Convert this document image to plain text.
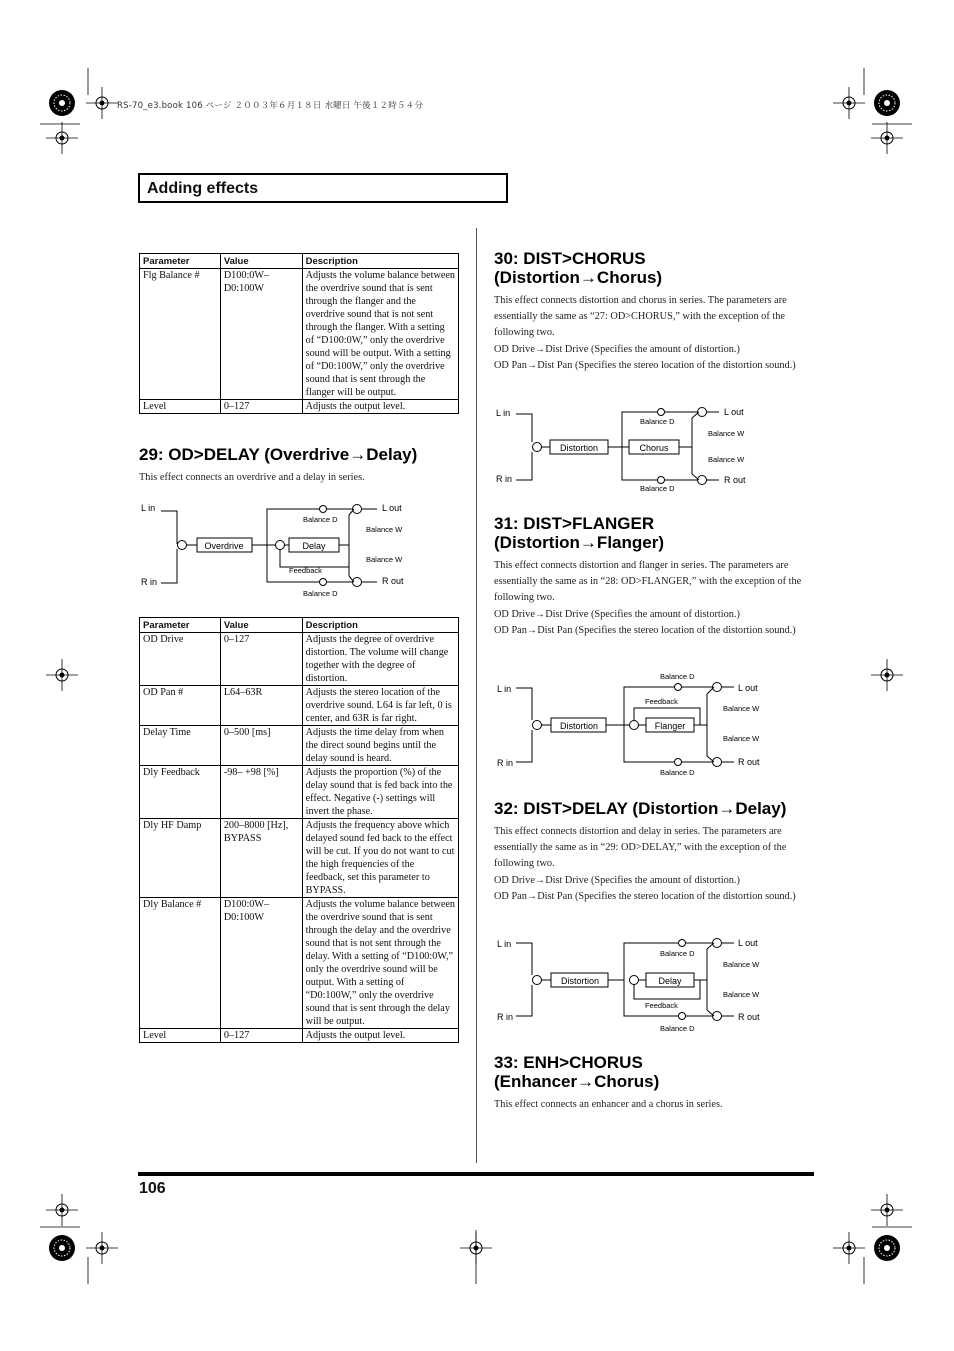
RS-70_e3.book 106 ページ ２００３年６月１８日 水曜日 午後１２時５４分
Adding effects
Parameter	Value	Description
Flg Balance #	D100:0W– D0:100W	Adjusts the volume balance between the overdrive sound that is sent through the flanger and the overdrive sound that is not sent through the flanger. With a setting of “D100:0W,” only the overdrive sound will be output. With a setting of “D0:100W,” only the overdrive sound that is sent through the flanger will be output.
Level	0–127	Adjusts the output level.
29: OD>DELAY (Overdrive→Delay)
This effect connects an overdrive and a delay in series.
L in
R in
L out
R out
Overdrive	Delay
Feedback
Balance D
Balance W
Balance W
Balance D
Parameter	Value	Description
OD Drive	0–127	Adjusts the degree of overdrive distortion. The volume will change together with the degree of distortion.
OD Pan #	L64–63R	Adjusts the stereo location of the overdrive sound. L64 is far left, 0 is center, and 63R is far right.
Delay Time	0–500 [ms]	Adjusts the time delay from when the direct sound begins until the delay sound is heard.
Dly Feedback	-98– +98 [%]	Adjusts the proportion (%) of the delay sound that is fed back into the effect. Negative (-) settings will invert the phase.
Dly HF Damp	200–8000 [Hz], BYPASS	Adjusts the frequency above which delayed sound fed back to the effect will be cut. If you do not want to cut the high frequencies of the feedback, set this parameter to BYPASS.
Dly Balance #	D100:0W– D0:100W	Adjusts the volume balance between the overdrive sound that is sent through the delay and the overdrive sound that is not sent through the delay. With a setting of “D100:0W,” only the overdrive sound will be output. With a setting of “D0:100W,” only the overdrive sound that is sent through the delay will be output.
Level	0–127	Adjusts the output level.
30: DIST>CHORUS
(Distortion→Chorus)

This effect connects distortion and chorus in series. The parameters are essentially the same as “27: OD>CHORUS,” with the exception of the following two.

OD Drive→Dist Drive (Specifies the amount of distortion.)

OD Pan→Dist Pan (Specifies the stereo location of the distortion sound.)

L in
R in
L out
R out
Distortion	Chorus
Balance D
Balance W
Balance W
Balance D
31: DIST>FLANGER
(Distortion→Flanger)

This effect connects distortion and flanger in series. The parameters are essentially the same as in “28: OD>FLANGER,” with the exception of the following two.

OD Drive→Dist Drive (Specifies the amount of distortion.)

OD Pan→Dist Pan (Specifies the stereo location of the distortion sound.)

L in
R in
L out
R out
Distortion	Flanger
Feedback
Balance D
Balance W
Balance W
Balance D
32: DIST>DELAY (Distortion→Delay)

This effect connects distortion and delay in series. The parameters are essentially the same as in “29: OD>DELAY,” with the exception of the following two.

OD Drive→Dist Drive (Specifies the amount of distortion.)

OD Pan→Dist Pan (Specifies the stereo location of the distortion sound.)

L in
R in
L out
R out
Distortion	Delay
Feedback
Balance D
Balance W
Balance W
Balance D
33: ENH>CHORUS
(Enhancer→Chorus)
This effect connects an enhancer and a chorus in series.
106
